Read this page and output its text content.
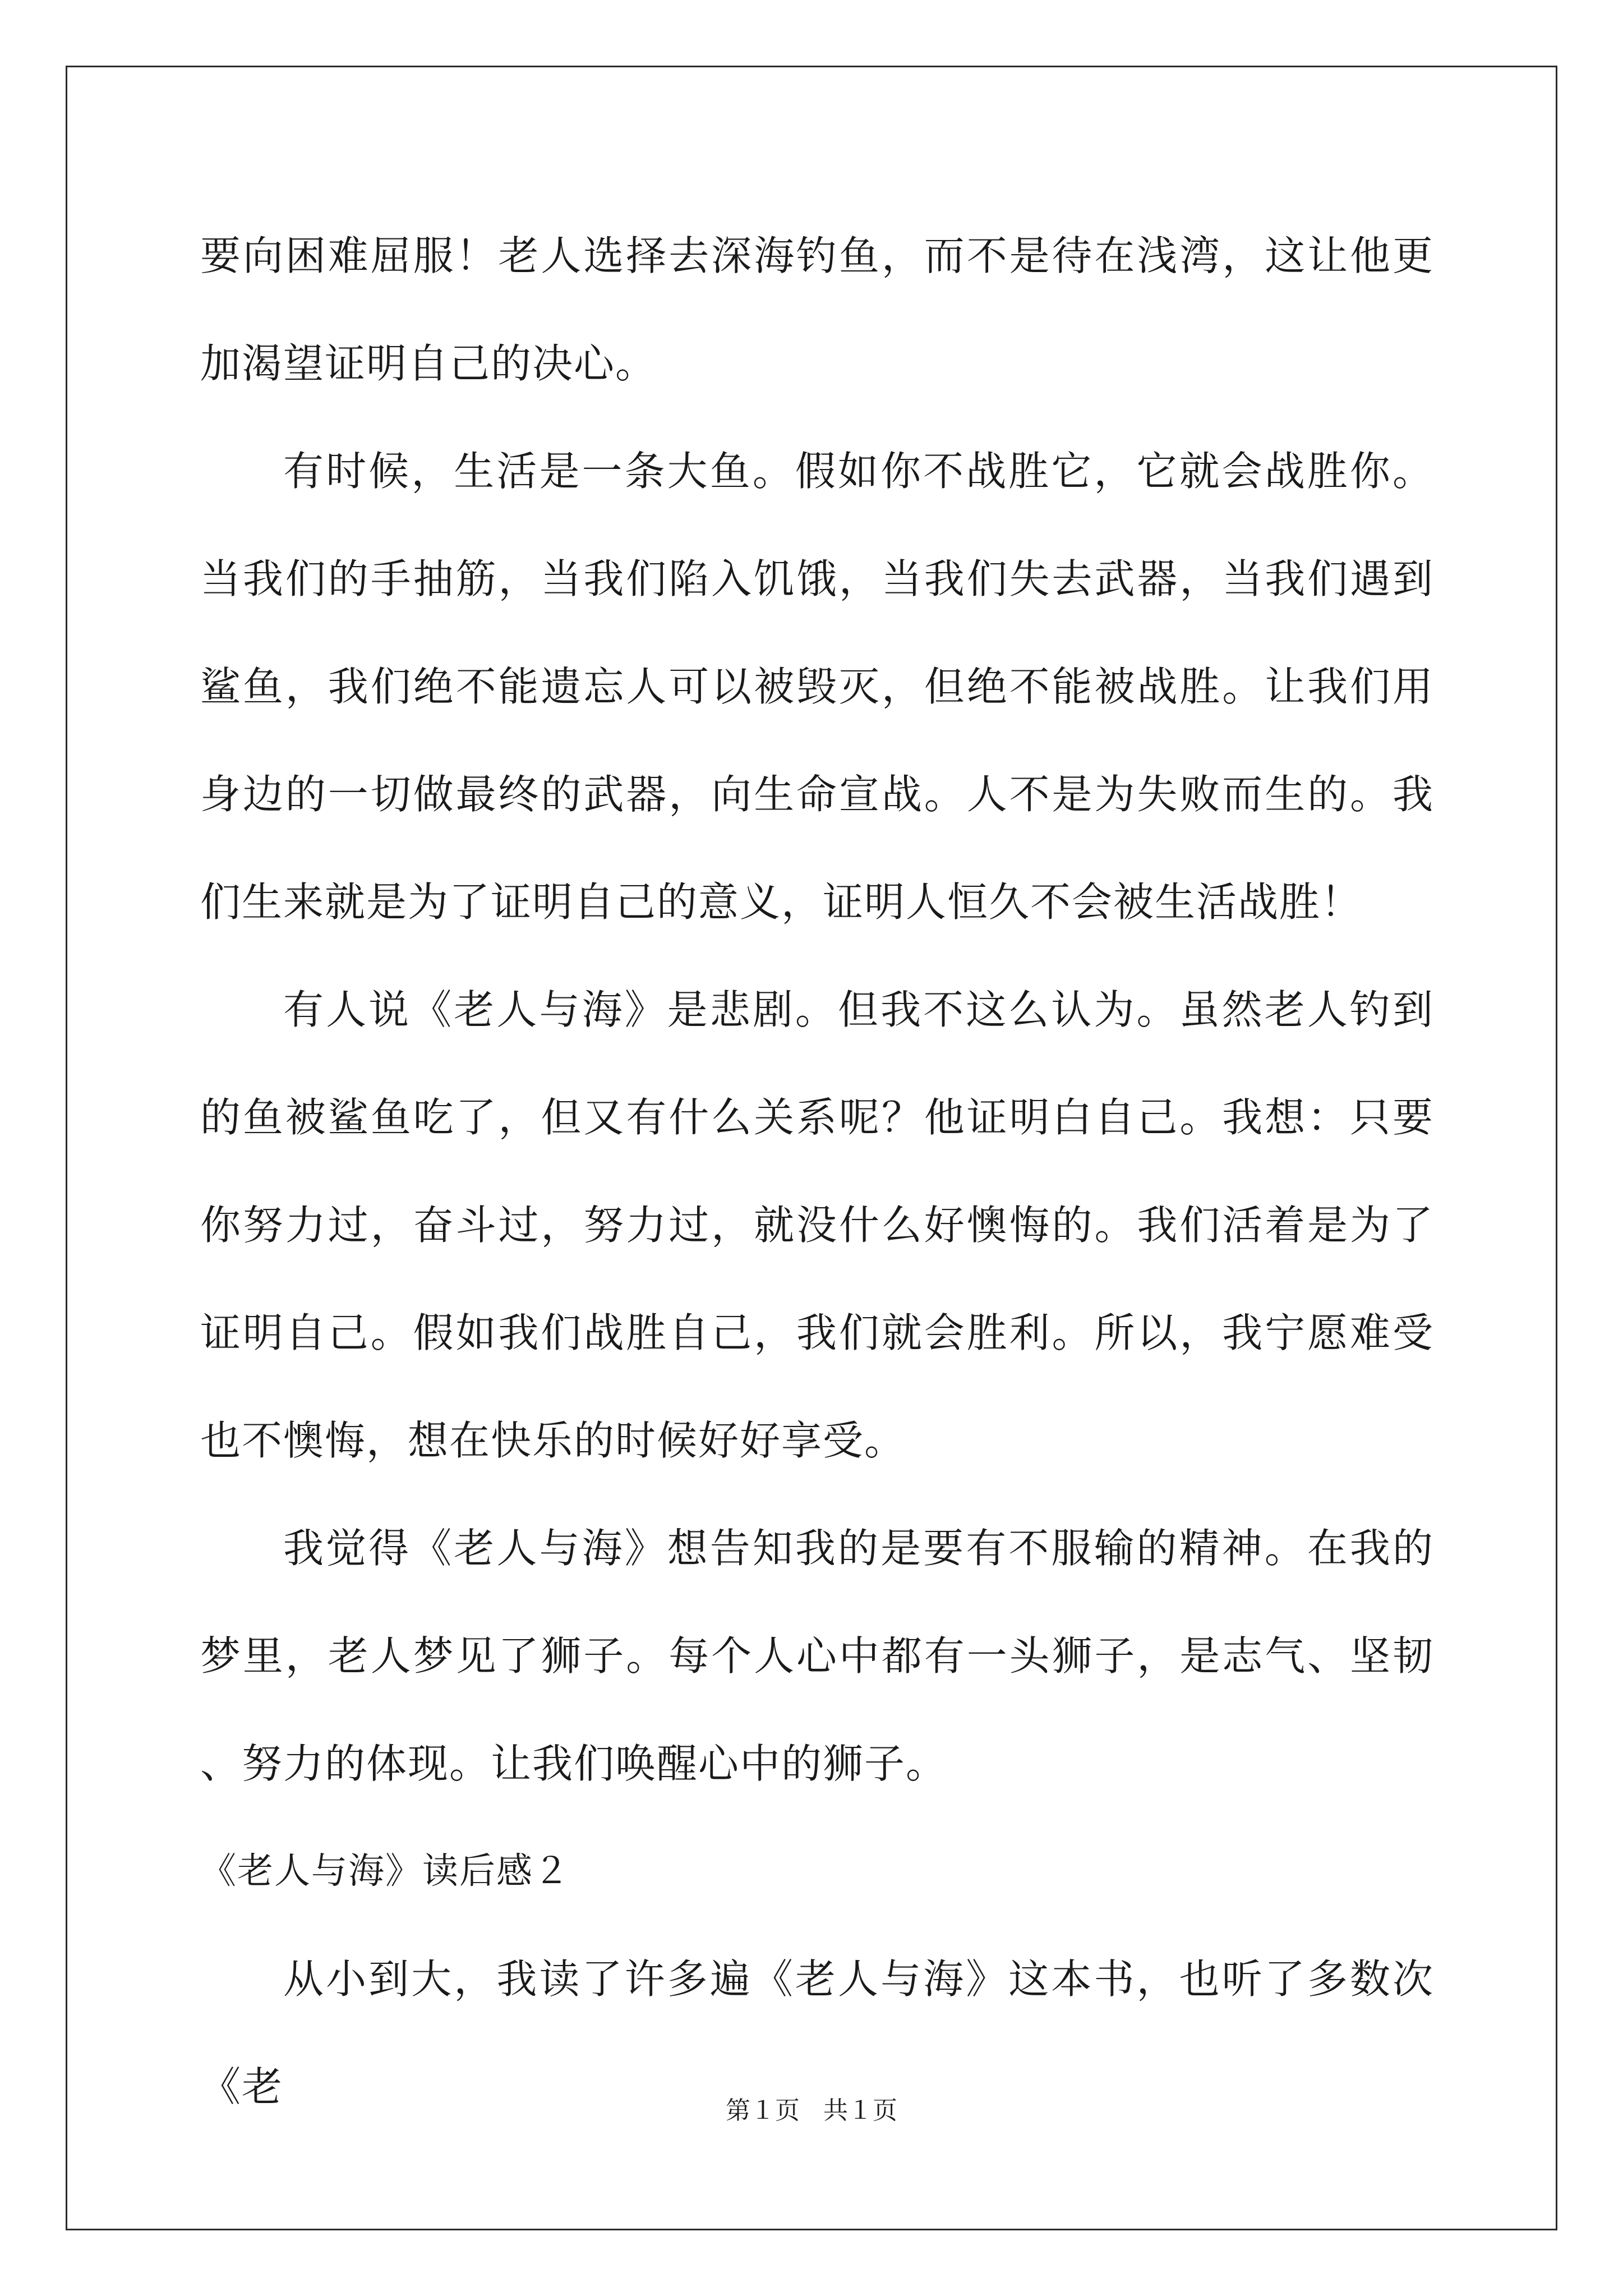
要向困难屈服！老人选择去深海钓鱼，而不是待在浅湾，这让他更加渴望证明自己的决心。

有时候，生活是一条大鱼。假如你不战胜它，它就会战胜你。当我们的手抽筋，当我们陷入饥饿，当我们失去武器，当我们遇到鲨鱼，我们绝不能遗忘人可以被毁灭，但绝不能被战胜。让我们用身边的一切做最终的武器，向生命宣战。人不是为失败而生的。我们生来就是为了证明自己的意义，证明人恒久不会被生活战胜！

有人说《老人与海》是悲剧。但我不这么认为。虽然老人钓到的鱼被鲨鱼吃了，但又有什么关系呢？他证明白自己。我想：只要你努力过，奋斗过，努力过，就没什么好懊悔的。我们活着是为了证明自己。假如我们战胜自己，我们就会胜利。所以，我宁愿难受也不懊悔，想在快乐的时候好好享受。

我觉得《老人与海》想告知我的是要有不服输的精神。在我的梦里，老人梦见了狮子。每个人心中都有一头狮子，是志气、坚韧、努力的体现。让我们唤醒心中的狮子。

《老人与海》读后感２

从小到大，我读了许多遍《老人与海》这本书，也听了多数次《老

第１页 共１页
